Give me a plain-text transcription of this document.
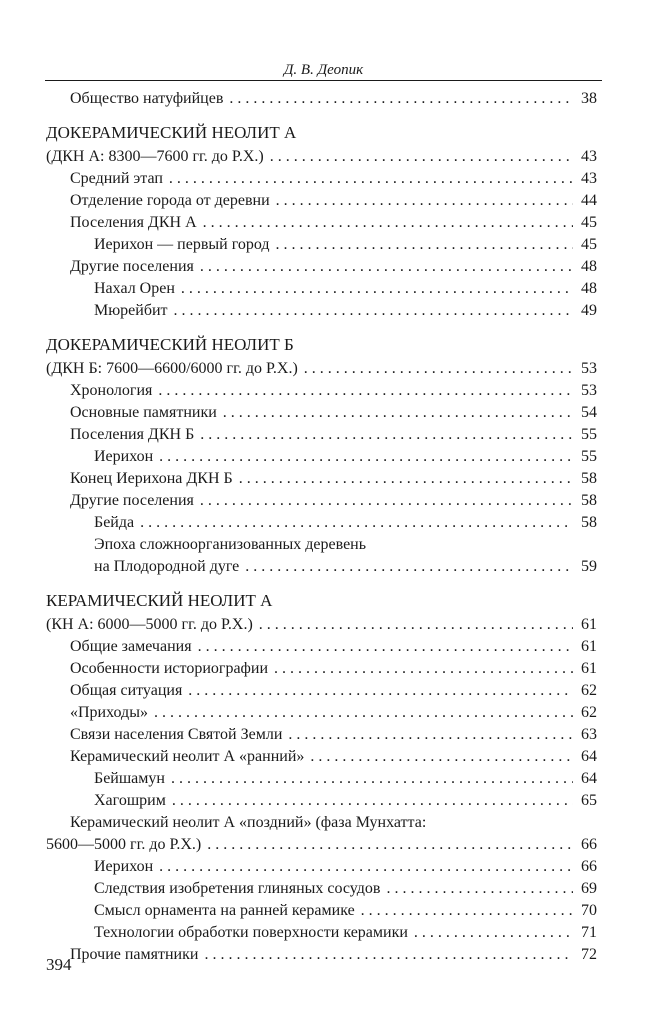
Д. В. Деопик
Общество натуфийцев . . .	38
ДОКЕРАМИЧЕСКИЙ НЕОЛИТ А
(ДКН А: 8300—7600 гг. до Р.Х.) . . .	43
Средний этап . . .	43
Отделение города от деревни . . .	44
Поселения ДКН А . . .	45
Иерихон — первый город . . .	45
Другие поселения . . .	48
Нахал Орен . . .	48
Мюрейбит . . .	49
ДОКЕРАМИЧЕСКИЙ НЕОЛИТ Б
(ДКН Б: 7600—6600/6000 гг. до Р.Х.) . . .	53
Хронология . . .	53
Основные памятники . . .	54
Поселения ДКН Б . . .	55
Иерихон . . .	55
Конец Иерихона ДКН Б . . .	58
Другие поселения . . .	58
Бейда . . .	58
Эпоха сложноорганизованных деревень
на Плодородной дуге . . .	59
КЕРАМИЧЕСКИЙ НЕОЛИТ А
(КН А: 6000—5000 гг. до Р.Х.) . . .	61
Общие замечания . . .	61
Особенности историографии . . .	61
Общая ситуация . . .	62
«Приходы» . . .	62
Связи населения Святой Земли . . .	63
Керамический неолит А «ранний» . . .	64
Бейшамун . . .	64
Хагошрим . . .	65
Керамический неолит А «поздний» (фаза Мунхатта:
5600—5000 гг. до Р.Х.) . . .	66
Иерихон . . .	66
Следствия изобретения глиняных сосудов . . .	69
Смысл орнамента на ранней керамике . . .	70
Технологии обработки поверхности керамики . . .	71
Прочие памятники . . .	72
394
